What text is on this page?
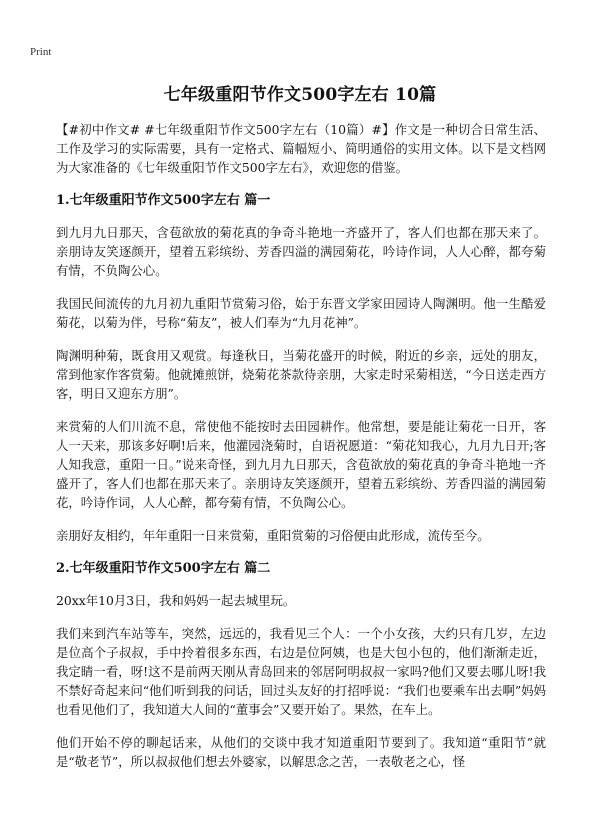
Print
七年级重阳节作文500字左右 10篇

【#初中作文# #七年级重阳节作文500字左右（10篇）#】作文是一种切合日常生活、工作及学习的实际需要，具有一定格式、篇幅短小、简明通俗的实用文体。以下是文档网为大家准备的《七年级重阳节作文500字左右》，欢迎您的借鉴。

1.七年级重阳节作文500字左右 篇一

到九月九日那天，含苞欲放的菊花真的争奇斗艳地一齐盛开了，客人们也都在那天来了。亲朋诗友笑逐颜开，望着五彩缤纷、芳香四溢的满园菊花，吟诗作词，人人心醉，都夸菊有情，不负陶公心。

我国民间流传的九月初九重阳节赏菊习俗，始于东晋文学家田园诗人陶渊明。他一生酷爱菊花，以菊为伴，号称“菊友”，被人们奉为“九月花神”。

陶渊明种菊，既食用又观赏。每逢秋日，当菊花盛开的时候，附近的乡亲，远处的朋友，常到他家作客赏菊。他就摊煎饼，烧菊花茶款待亲朋，大家走时采菊相送，“今日送走西方客，明日又迎东方朋”。

来赏菊的人们川流不息，常使他不能按时去田园耕作。他常想，要是能让菊花一日开，客人一天来，那该多好啊!后来，他灌园浇菊时，自语祝愿道：“菊花知我心，九月九日开;客人知我意，重阳一日。”说来奇怪，到九月九日那天，含苞欲放的菊花真的争奇斗艳地一齐盛开了，客人们也都在那天来了。亲朋诗友笑逐颜开，望着五彩缤纷、芳香四溢的满园菊花，吟诗作词，人人心醉，都夸菊有情，不负陶公心。

亲朋好友相约，年年重阳一日来赏菊，重阳赏菊的习俗便由此形成，流传至今。

2.七年级重阳节作文500字左右 篇二

20xx年10月3日，我和妈妈一起去城里玩。

我们来到汽车站等车，突然，远远的，我看见三个人：一个小女孩，大约只有几岁，左边是位高个子叔叔，手中拎着很多东西，右边是位阿姨，也是大包小包的，他们渐渐走近，我定睛一看，呀!这不是前两天刚从青岛回来的邻居阿明叔叔一家吗?他们又要去哪儿呀!我不禁好奇起来问“他们听到我的问话，回过头友好的打招呼说：“我们也要乘车出去啊”妈妈也看见他们了，我知道大人间的“董事会”又要开始了。果然，在车上。

他们开始不停的聊起话来，从他们的交谈中我才知道重阳节要到了。我知道“重阳节”就是“敬老节”，所以叔叔他们想去外婆家，以解思念之苦，一表敬老之心，怪
